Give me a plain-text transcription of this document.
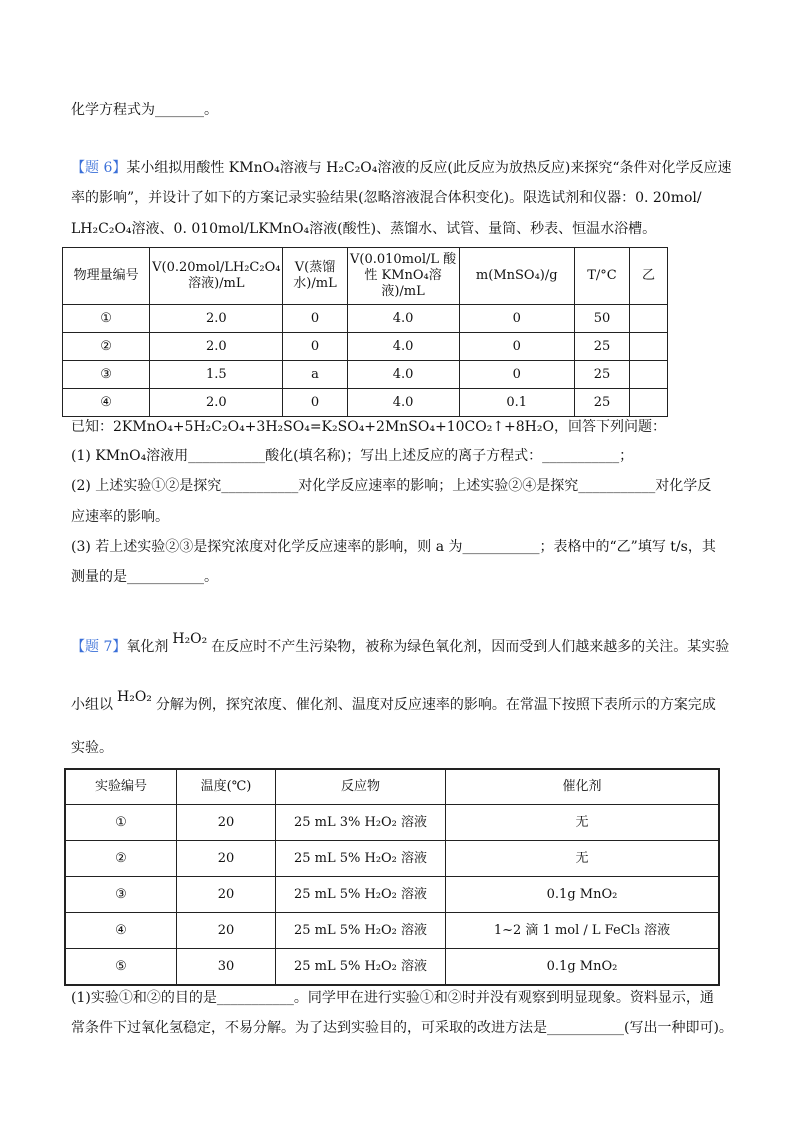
化学方程式为_______。
【题 6】某小组拟用酸性 KMnO₄溶液与 H₂C₂O₄溶液的反应(此反应为放热反应)来探究“条件对化学反应速
率的影响”，并设计了如下的方案记录实验结果(忽略溶液混合体积变化)。限选试剂和仪器：0. 20mol/
LH₂C₂O₄溶液、0. 010mol/LKMnO₄溶液(酸性)、蒸馏水、试管、量筒、秒表、恒温水浴槽。
物理量编号	V(0.20mol/LH₂C₂O₄溶液)/mL	V(蒸馏水)/mL	V(0.010mol/L 酸性 KMnO₄溶液)/mL	m(MnSO₄)/g	T/°C	乙
①	2.0	0	4.0	0	50	
②	2.0	0	4.0	0	25	
③	1.5	a	4.0	0	25	
④	2.0	0	4.0	0.1	25	
已知：2KMnO₄+5H₂C₂O₄+3H₂SO₄=K₂SO₄+2MnSO₄+10CO₂↑+8H₂O，回答下列问题：
(1) KMnO₄溶液用___________酸化(填名称)；写出上述反应的离子方程式：___________；
(2) 上述实验①②是探究___________对化学反应速率的影响；上述实验②④是探究___________对化学反
应速率的影响。
(3) 若上述实验②③是探究浓度对化学反应速率的影响，则 a 为___________；表格中的“乙”填写 t/s，其
测量的是___________。
【题 7】氧化剂 H₂O₂ 在反应时不产生污染物，被称为绿色氧化剂，因而受到人们越来越多的关注。某实验
小组以 H₂O₂ 分解为例，探究浓度、催化剂、温度对反应速率的影响。在常温下按照下表所示的方案完成
实验。
实验编号	温度(℃)	反应物	催化剂
①	20	25 mL 3% H₂O₂ 溶液	无
②	20	25 mL 5% H₂O₂ 溶液	无
③	20	25 mL 5% H₂O₂ 溶液	0.1g MnO₂
④	20	25 mL 5% H₂O₂ 溶液	1~2 滴 1 mol / L FeCl₃ 溶液
⑤	30	25 mL 5% H₂O₂ 溶液	0.1g MnO₂
(1)实验①和②的目的是___________。同学甲在进行实验①和②时并没有观察到明显现象。资料显示，通
常条件下过氧化氢稳定，不易分解。为了达到实验目的，可采取的改进方法是___________(写出一种即可)。
